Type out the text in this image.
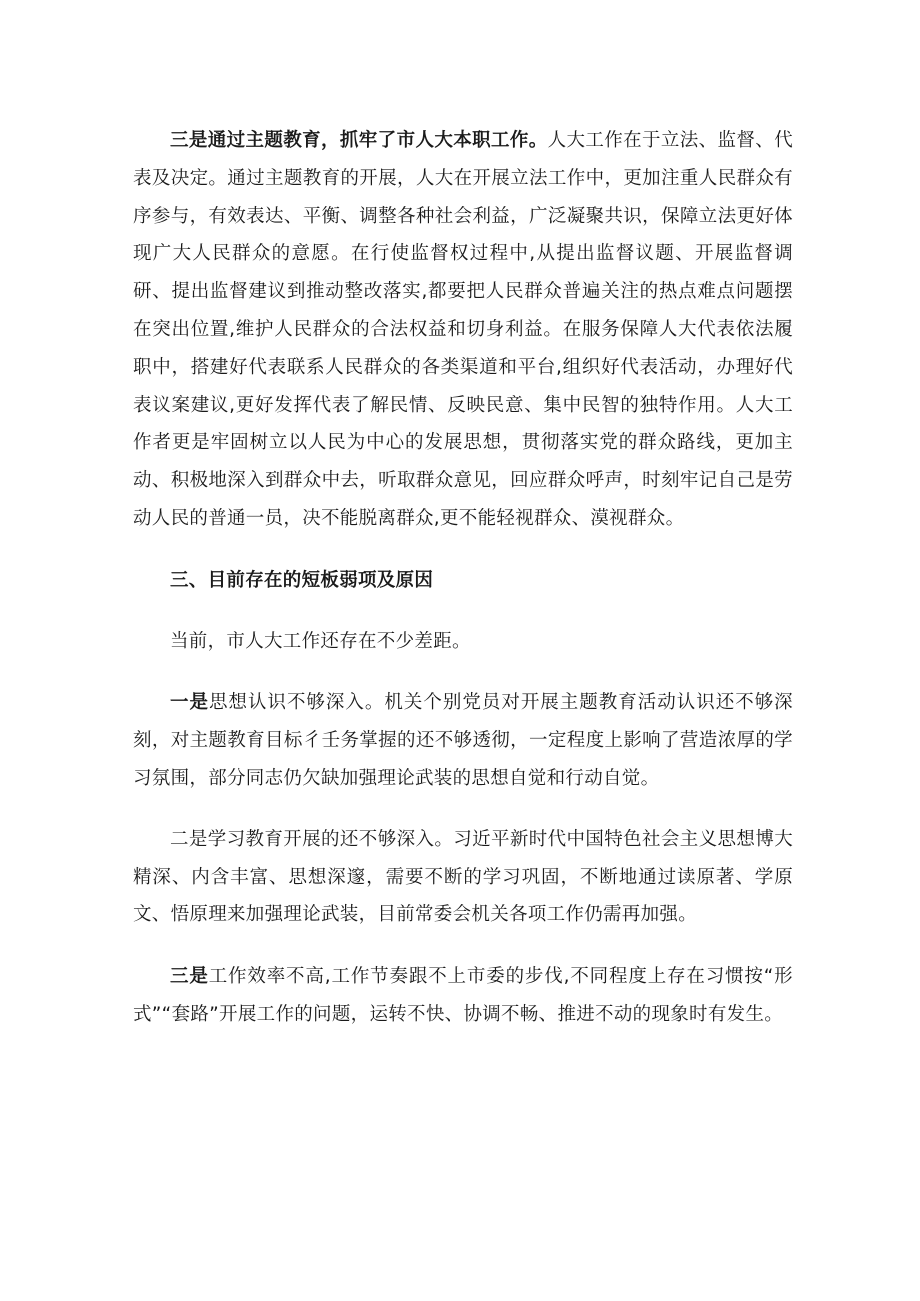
三是通过主题教育，抓牢了市人大本职工作。人大工作在于立法、监督、代表及决定。通过主题教育的开展，人大在开展立法工作中，更加注重人民群众有序参与，有效表达、平衡、调整各种社会利益，广泛凝聚共识，保障立法更好体现广大人民群众的意愿。在行使监督权过程中,从提出监督议题、开展监督调研、提出监督建议到推动整改落实,都要把人民群众普遍关注的热点难点问题摆在突出位置,维护人民群众的合法权益和切身利益。在服务保障人大代表依法履职中，搭建好代表联系人民群众的各类渠道和平台,组织好代表活动，办理好代表议案建议,更好发挥代表了解民情、反映民意、集中民智的独特作用。人大工作者更是牢固树立以人民为中心的发展思想，贯彻落实党的群众路线，更加主动、积极地深入到群众中去，听取群众意见，回应群众呼声，时刻牢记自己是劳动人民的普通一员，决不能脱离群众,更不能轻视群众、漠视群众。

三、目前存在的短板弱项及原因

当前，市人大工作还存在不少差距。

一是思想认识不够深入。机关个别党员对开展主题教育活动认识还不够深刻，对主题教育目标彳壬务掌握的还不够透彻，一定程度上影响了营造浓厚的学习氛围，部分同志仍欠缺加强理论武装的思想自觉和行动自觉。

二是学习教育开展的还不够深入。习近平新时代中国特色社会主义思想博大精深、内含丰富、思想深邃，需要不断的学习巩固，不断地通过读原著、学原文、悟原理来加强理论武装，目前常委会机关各项工作仍需再加强。

三是工作效率不高,工作节奏跟不上市委的步伐,不同程度上存在习惯按“形式”“套路”开展工作的问题，运转不快、协调不畅、推进不动的现象时有发生。
